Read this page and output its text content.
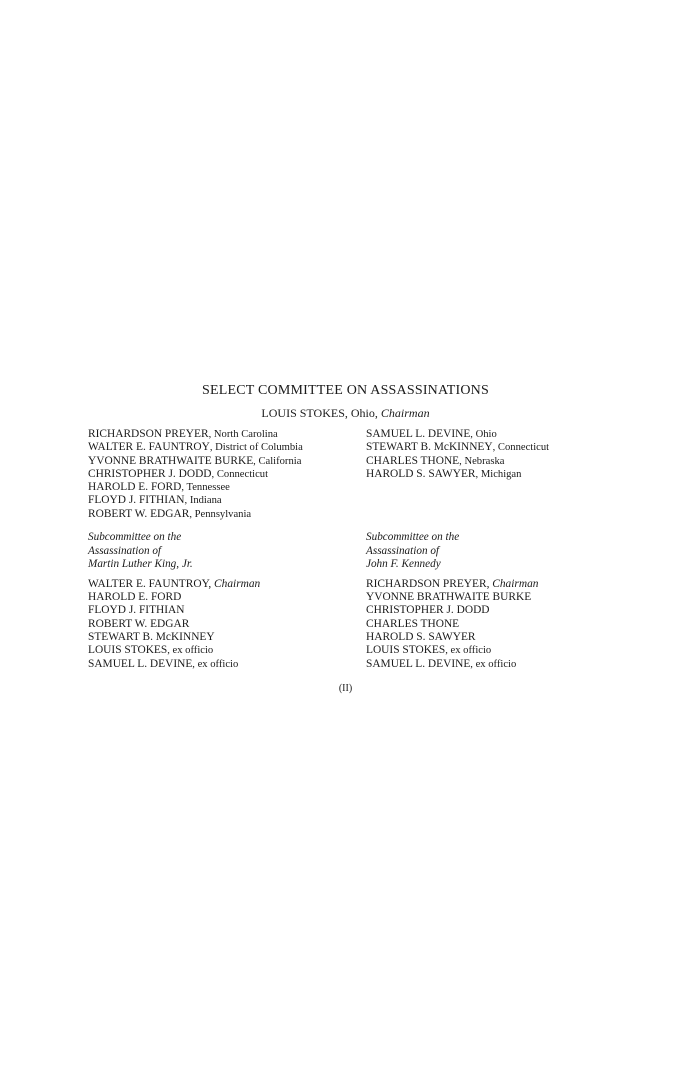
SELECT COMMITTEE ON ASSASSINATIONS
LOUIS STOKES, Ohio, Chairman
RICHARDSON PREYER, North Carolina
WALTER E. FAUNTROY, District of Columbia
YVONNE BRATHWAITE BURKE, California
CHRISTOPHER J. DODD, Connecticut
HAROLD E. FORD, Tennessee
FLOYD J. FITHIAN, Indiana
ROBERT W. EDGAR, Pennsylvania
SAMUEL L. DEVINE, Ohio
STEWART B. McKINNEY, Connecticut
CHARLES THONE, Nebraska
HAROLD S. SAWYER, Michigan
Subcommittee on the
Assassination of
Martin Luther King, Jr.
WALTER E. FAUNTROY, Chairman
HAROLD E. FORD
FLOYD J. FITHIAN
ROBERT W. EDGAR
STEWART B. McKINNEY
LOUIS STOKES, ex officio
SAMUEL L. DEVINE, ex officio
Subcommittee on the
Assassination of
John F. Kennedy
RICHARDSON PREYER, Chairman
YVONNE BRATHWAITE BURKE
CHRISTOPHER J. DODD
CHARLES THONE
HAROLD S. SAWYER
LOUIS STOKES, ex officio
SAMUEL L. DEVINE, ex officio
(II)
